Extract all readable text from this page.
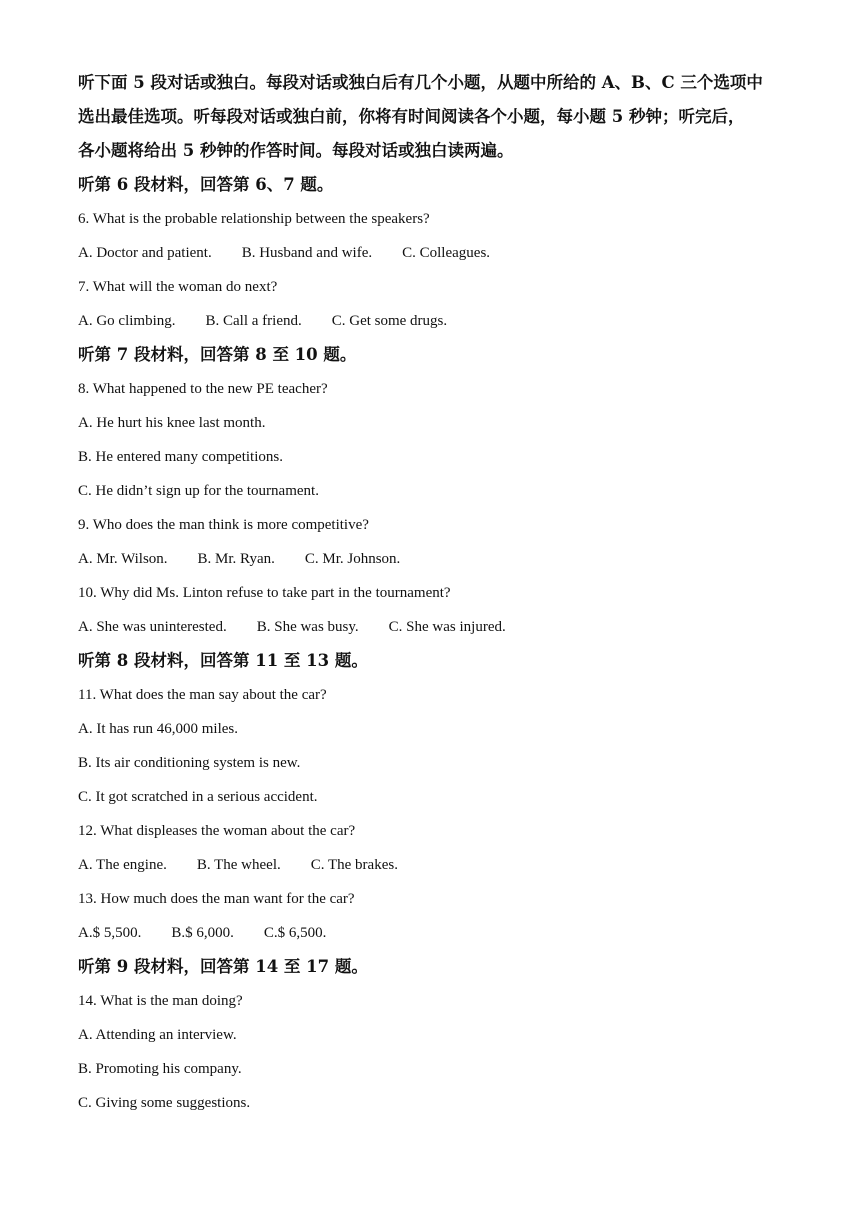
听下面 5 段对话或独白。每段对话或独白后有几个小题，从题中所给的 A、B、C 三个选项中
选出最佳选项。听每段对话或独白前，你将有时间阅读各个小题，每小题 5 秒钟；听完后，
各小题将给出 5 秒钟的作答时间。每段对话或独白读两遍。

听第 6 段材料，回答第 6、7 题。

6. What is the probable relationship between the speakers?

A. Doctor and patient. B. Husband and wife. C. Colleagues.

7. What will the woman do next?

A. Go climbing. B. Call a friend. C. Get some drugs.

听第 7 段材料，回答第 8 至 10 题。

8. What happened to the new PE teacher?

A. He hurt his knee last month.

B. He entered many competitions.

C. He didn’t sign up for the tournament.

9. Who does the man think is more competitive?

A. Mr. Wilson. B. Mr. Ryan. C. Mr. Johnson.

10. Why did Ms. Linton refuse to take part in the tournament?

A. She was uninterested. B. She was busy. C. She was injured.

听第 8 段材料，回答第 11 至 13 题。

11. What does the man say about the car?

A. It has run 46,000 miles.

B. Its air conditioning system is new.

C. It got scratched in a serious accident.

12. What displeases the woman about the car?

A. The engine. B. The wheel. C. The brakes.

13. How much does the man want for the car?

A.$ 5,500. B.$ 6,000. C.$ 6,500.

听第 9 段材料，回答第 14 至 17 题。

14. What is the man doing?

A. Attending an interview.

B. Promoting his company.

C. Giving some suggestions.
